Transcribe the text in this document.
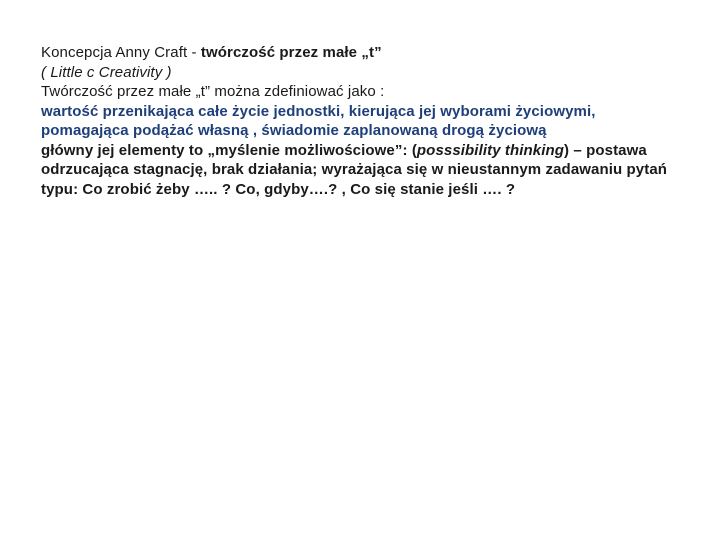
Koncepcja Anny Craft - twórczość przez małe „t”
( Little c Creativity )
Twórczość przez małe „t” można zdefiniować jako :
wartość przenikająca całe życie jednostki, kierująca jej wyborami życiowymi,
pomagająca podążać własną , świadomie zaplanowaną drogą życiową
główny jej elementy to „myślenie możliwościowe”: (posssibility thinking) – postawa
odrzucająca stagnację, brak działania; wyrażająca się w nieustannym zadawaniu pytań
typu: Co zrobić żeby ….. ? Co, gdyby….? , Co się stanie jeśli …. ?
